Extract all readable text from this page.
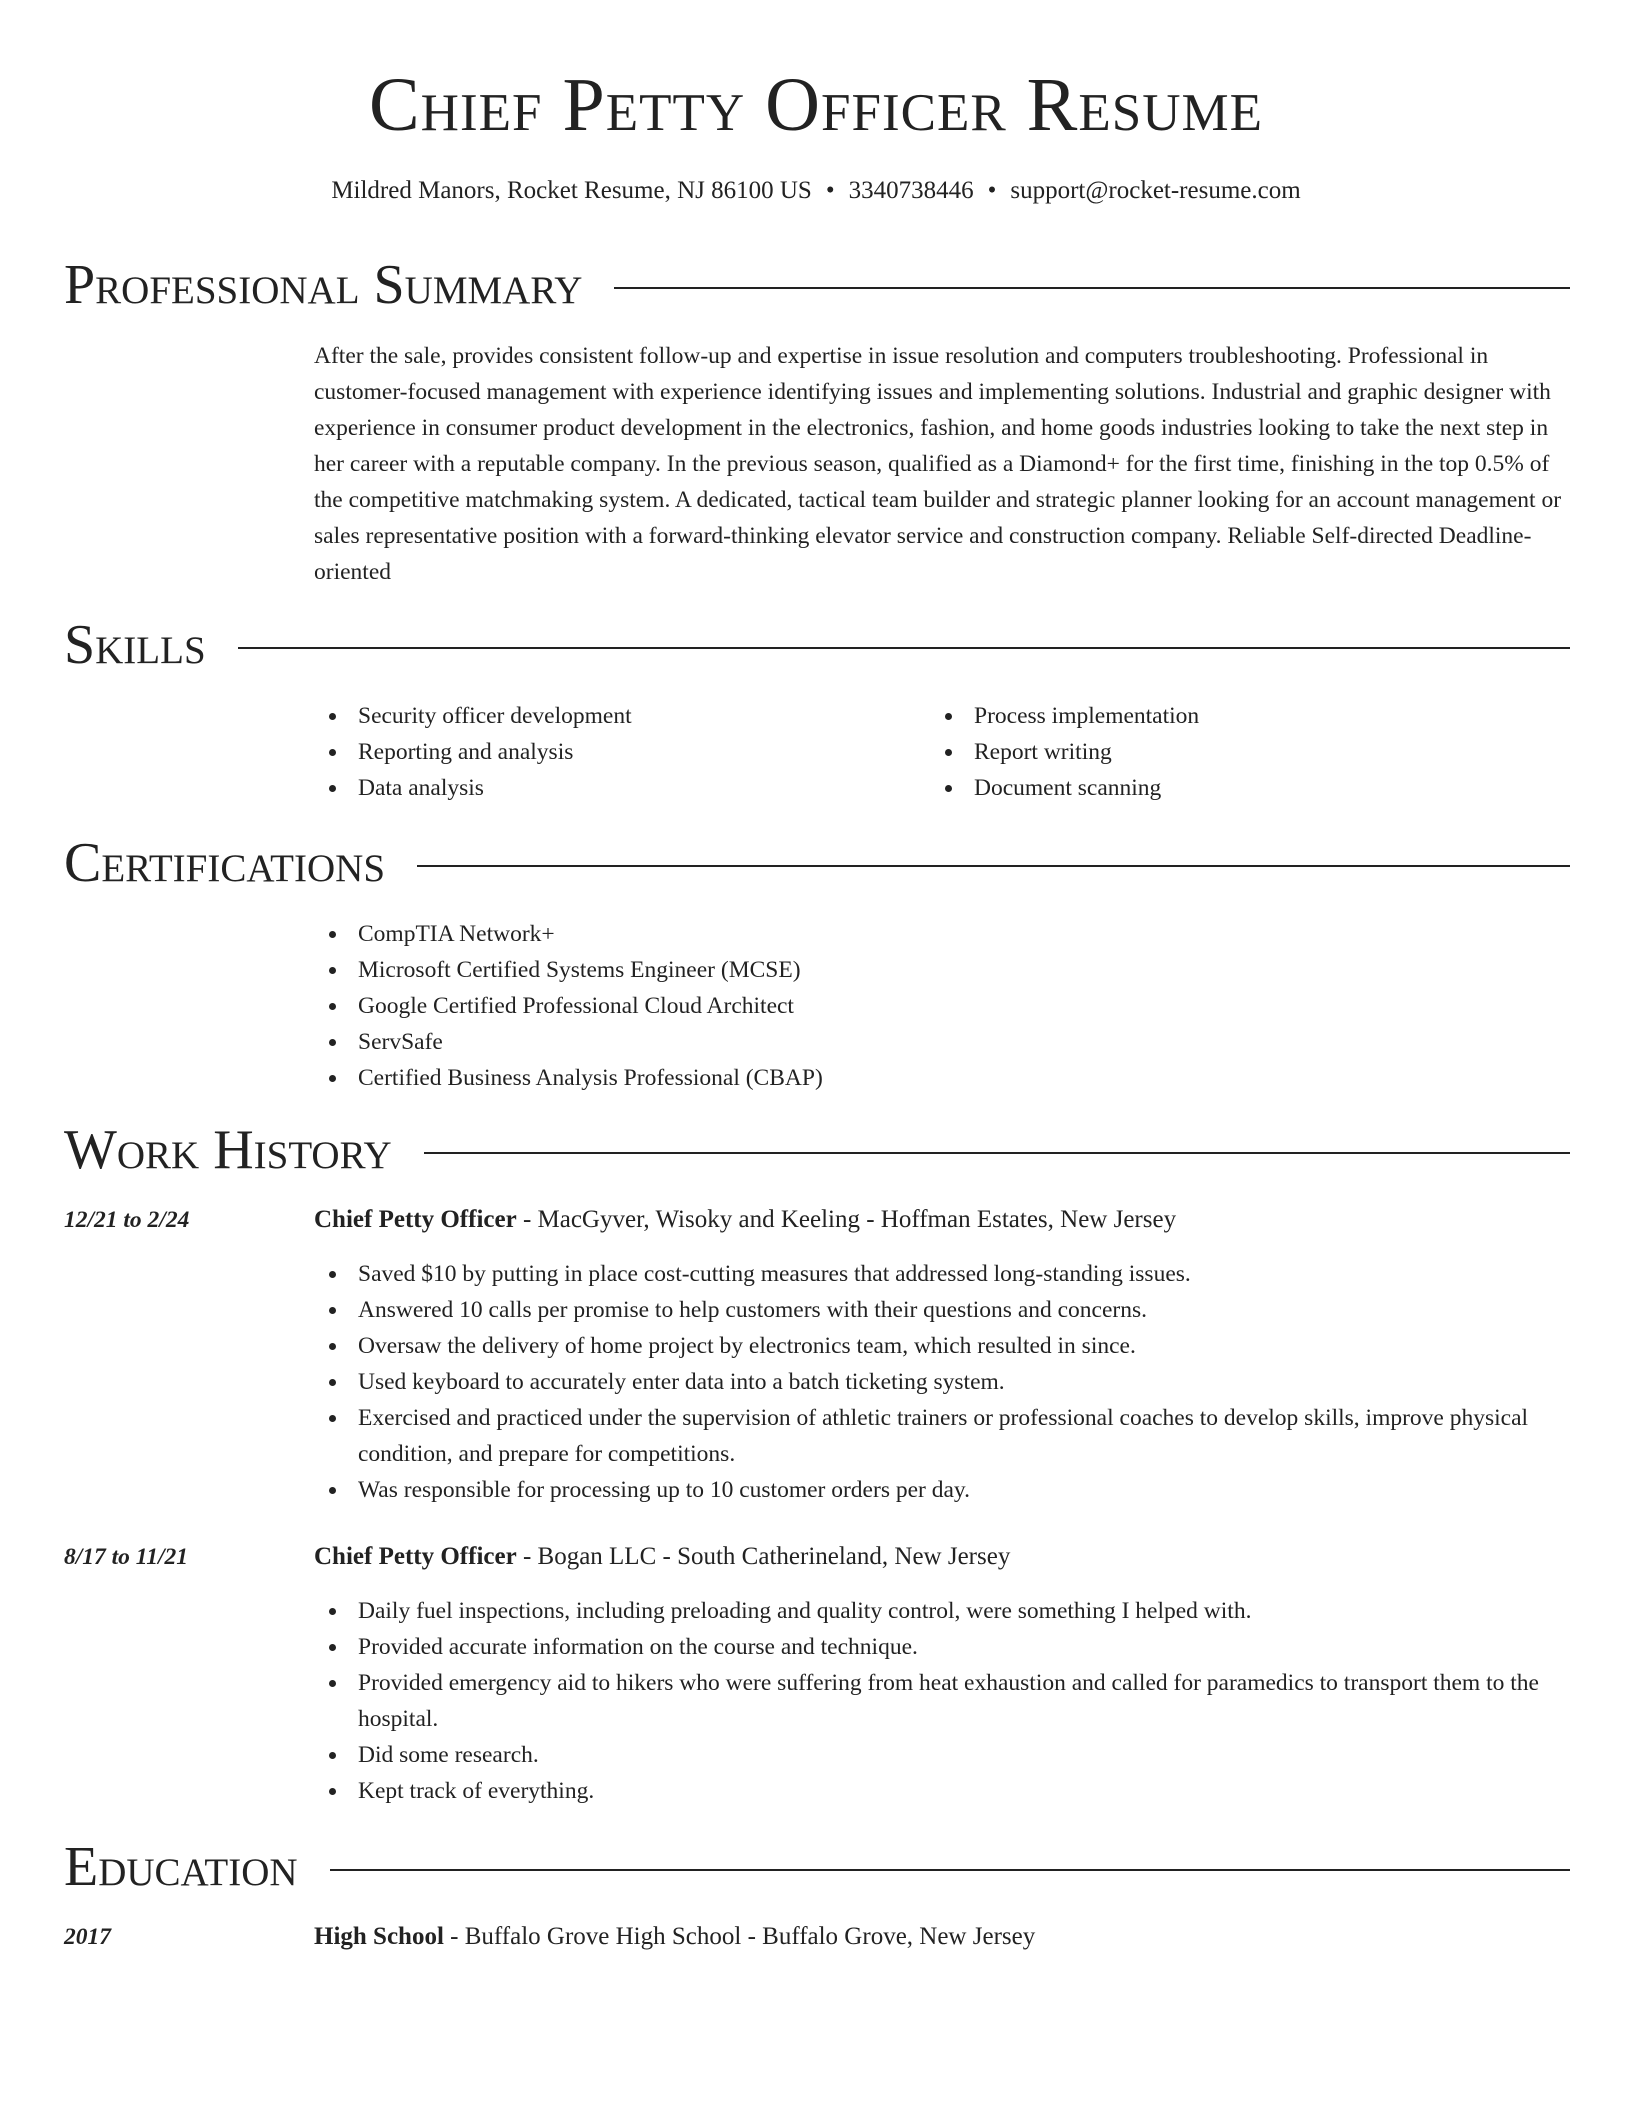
Chief Petty Officer Resume
Mildred Manors, Rocket Resume, NJ 86100 US • 3340738446 • support@rocket-resume.com
Professional Summary
After the sale, provides consistent follow-up and expertise in issue resolution and computers troubleshooting. Professional in customer-focused management with experience identifying issues and implementing solutions. Industrial and graphic designer with experience in consumer product development in the electronics, fashion, and home goods industries looking to take the next step in her career with a reputable company. In the previous season, qualified as a Diamond+ for the first time, finishing in the top 0.5% of the competitive matchmaking system. A dedicated, tactical team builder and strategic planner looking for an account management or sales representative position with a forward-thinking elevator service and construction company. Reliable Self-directed Deadline-oriented
Skills
Security officer development
Reporting and analysis
Data analysis
Process implementation
Report writing
Document scanning
Certifications
CompTIA Network+
Microsoft Certified Systems Engineer (MCSE)
Google Certified Professional Cloud Architect
ServSafe
Certified Business Analysis Professional (CBAP)
Work History
12/21 to 2/24	Chief Petty Officer - MacGyver, Wisoky and Keeling - Hoffman Estates, New Jersey
Saved $10 by putting in place cost-cutting measures that addressed long-standing issues.
Answered 10 calls per promise to help customers with their questions and concerns.
Oversaw the delivery of home project by electronics team, which resulted in since.
Used keyboard to accurately enter data into a batch ticketing system.
Exercised and practiced under the supervision of athletic trainers or professional coaches to develop skills, improve physical condition, and prepare for competitions.
Was responsible for processing up to 10 customer orders per day.
8/17 to 11/21	Chief Petty Officer - Bogan LLC - South Catherineland, New Jersey
Daily fuel inspections, including preloading and quality control, were something I helped with.
Provided accurate information on the course and technique.
Provided emergency aid to hikers who were suffering from heat exhaustion and called for paramedics to transport them to the hospital.
Did some research.
Kept track of everything.
Education
2017	High School - Buffalo Grove High School - Buffalo Grove, New Jersey
